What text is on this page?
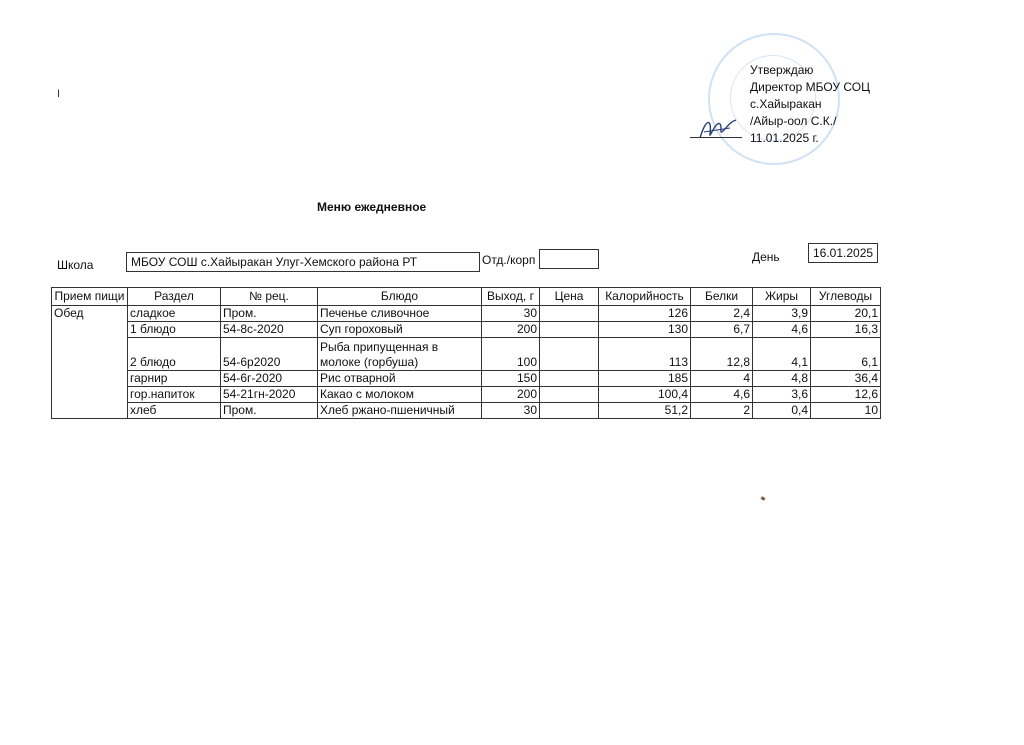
I
Утверждаю
Директор МБОУ СОЦ
с.Хайыракан
/Айыр-оол С.К./
11.01.2025 г.
Меню ежедневное
Школа	МБОУ СОШ с.Хайыракан Улуг-Хемского района РТ	Отд./корп	День	16.01.2025
Прием пищи	Раздел	№ рец.	Блюдо	Выход, г	Цена	Калорийность	Белки	Жиры	Углеводы
Обед	сладкое	Пром.	Печенье сливочное	30		126	2,4	3,9	20,1
	1 блюдо	54-8с-2020	Суп гороховый	200		130	6,7	4,6	16,3
	2 блюдо	54-6р2020	Рыба припущенная в молоке (горбуша)	100		113	12,8	4,1	6,1
	гарнир	54-6г-2020	Рис отварной	150		185	4	4,8	36,4
	гор.напиток	54-21гн-2020	Какао с молоком	200		100,4	4,6	3,6	12,6
	хлеб	Пром.	Хлеб ржано-пшеничный	30		51,2	2	0,4	10
